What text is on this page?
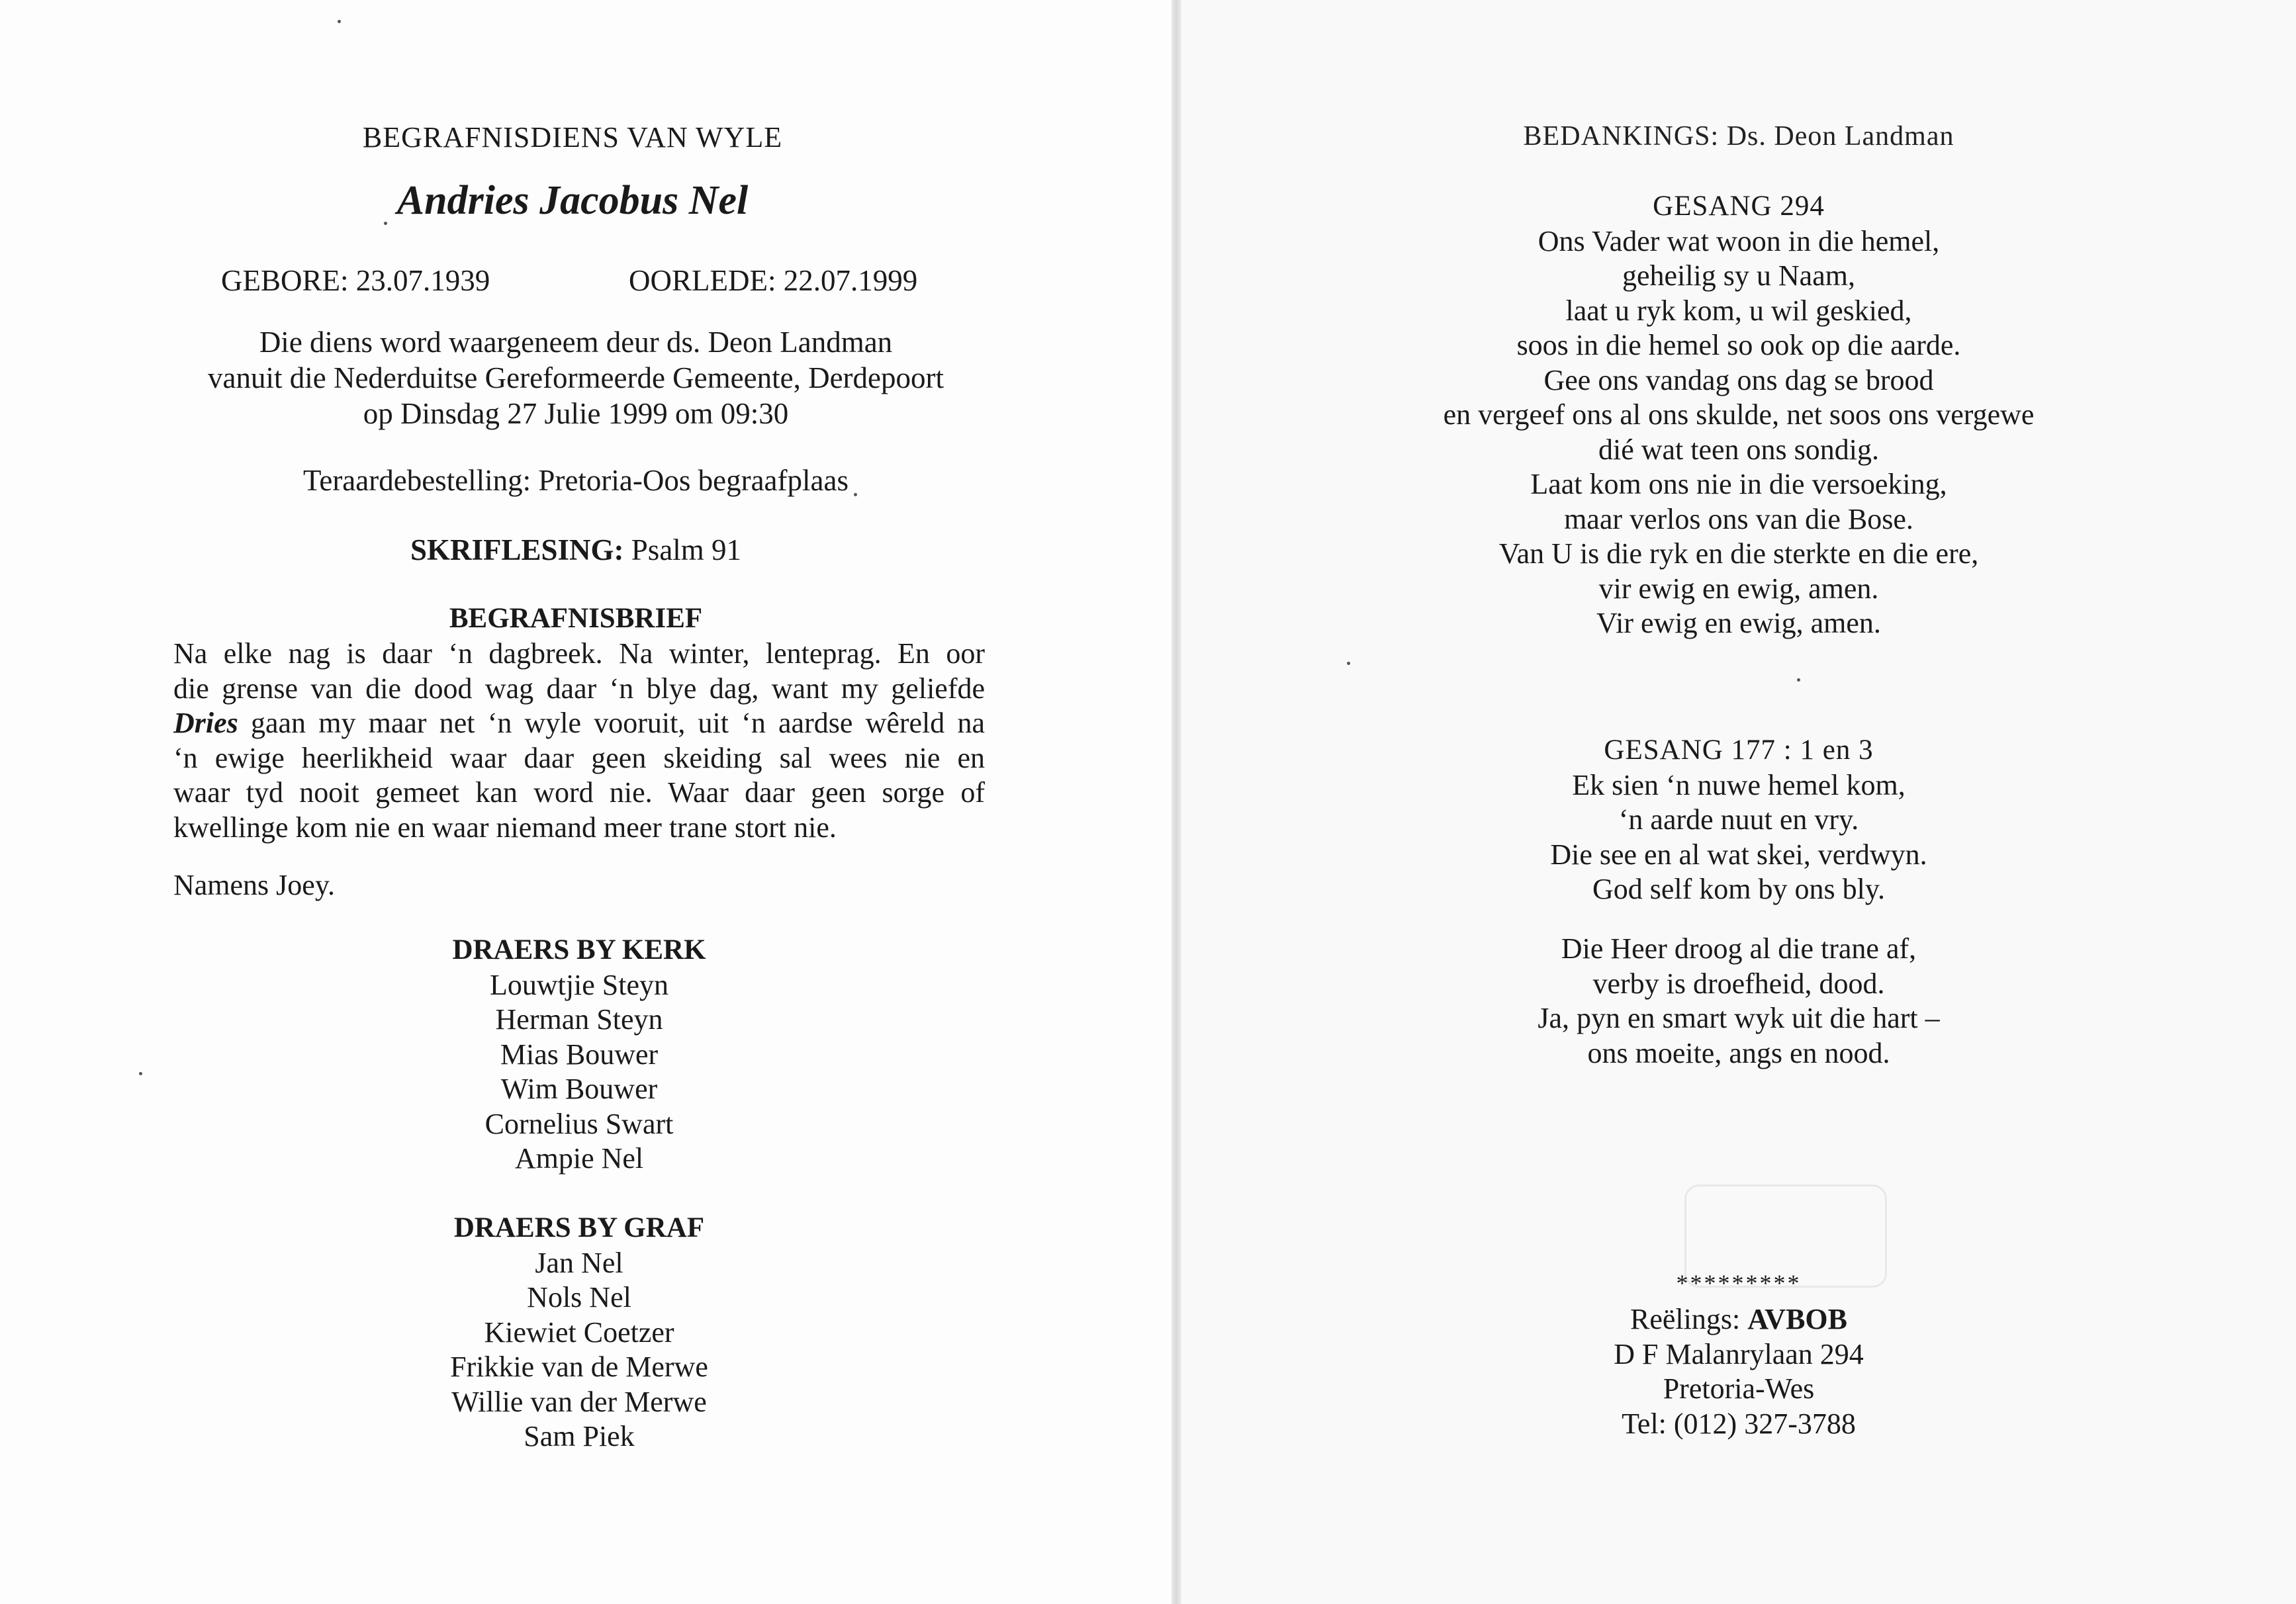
BEGRAFNISDIENS VAN WYLE
Andries Jacobus Nel
GEBORE: 23.07.1939	OORLEDE: 22.07.1999
Die diens word waargeneem deur ds. Deon Landman
vanuit die Nederduitse Gereformeerde Gemeente, Derdepoort
op Dinsdag 27 Julie 1999 om 09:30
Teraardebestelling: Pretoria-Oos begraafplaas
SKRIFLESING: Psalm 91
BEGRAFNISBRIEF
Na elke nag is daar ‘n dagbreek. Na winter, lenteprag. En oor
die grense van die dood wag daar ‘n blye dag, want my geliefde
Dries gaan my maar net ‘n wyle vooruit, uit ‘n aardse wêreld na
‘n ewige heerlikheid waar daar geen skeiding sal wees nie en
waar tyd nooit gemeet kan word nie. Waar daar geen sorge of
kwellinge kom nie en waar niemand meer trane stort nie.
Namens Joey.
DRAERS BY KERK
Louwtjie Steyn
Herman Steyn
Mias Bouwer
Wim Bouwer
Cornelius Swart
Ampie Nel
DRAERS BY GRAF
Jan Nel
Nols Nel
Kiewiet Coetzer
Frikkie van de Merwe
Willie van der Merwe
Sam Piek

BEDANKINGS: Ds. Deon Landman
GESANG 294
Ons Vader wat woon in die hemel,
geheilig sy u Naam,
laat u ryk kom, u wil geskied,
soos in die hemel so ook op die aarde.
Gee ons vandag ons dag se brood
en vergeef ons al ons skulde, net soos ons vergewe
dié wat teen ons sondig.
Laat kom ons nie in die versoeking,
maar verlos ons van die Bose.
Van U is die ryk en die sterkte en die ere,
vir ewig en ewig, amen.
Vir ewig en ewig, amen.
GESANG 177 : 1 en 3
Ek sien ‘n nuwe hemel kom,
‘n aarde nuut en vry.
Die see en al wat skei, verdwyn.
God self kom by ons bly.
Die Heer droog al die trane af,
verby is droefheid, dood.
Ja, pyn en smart wyk uit die hart –
ons moeite, angs en nood.
*********
Reëlings: AVBOB
D F Malanrylaan 294
Pretoria-Wes
Tel: (012) 327-3788
